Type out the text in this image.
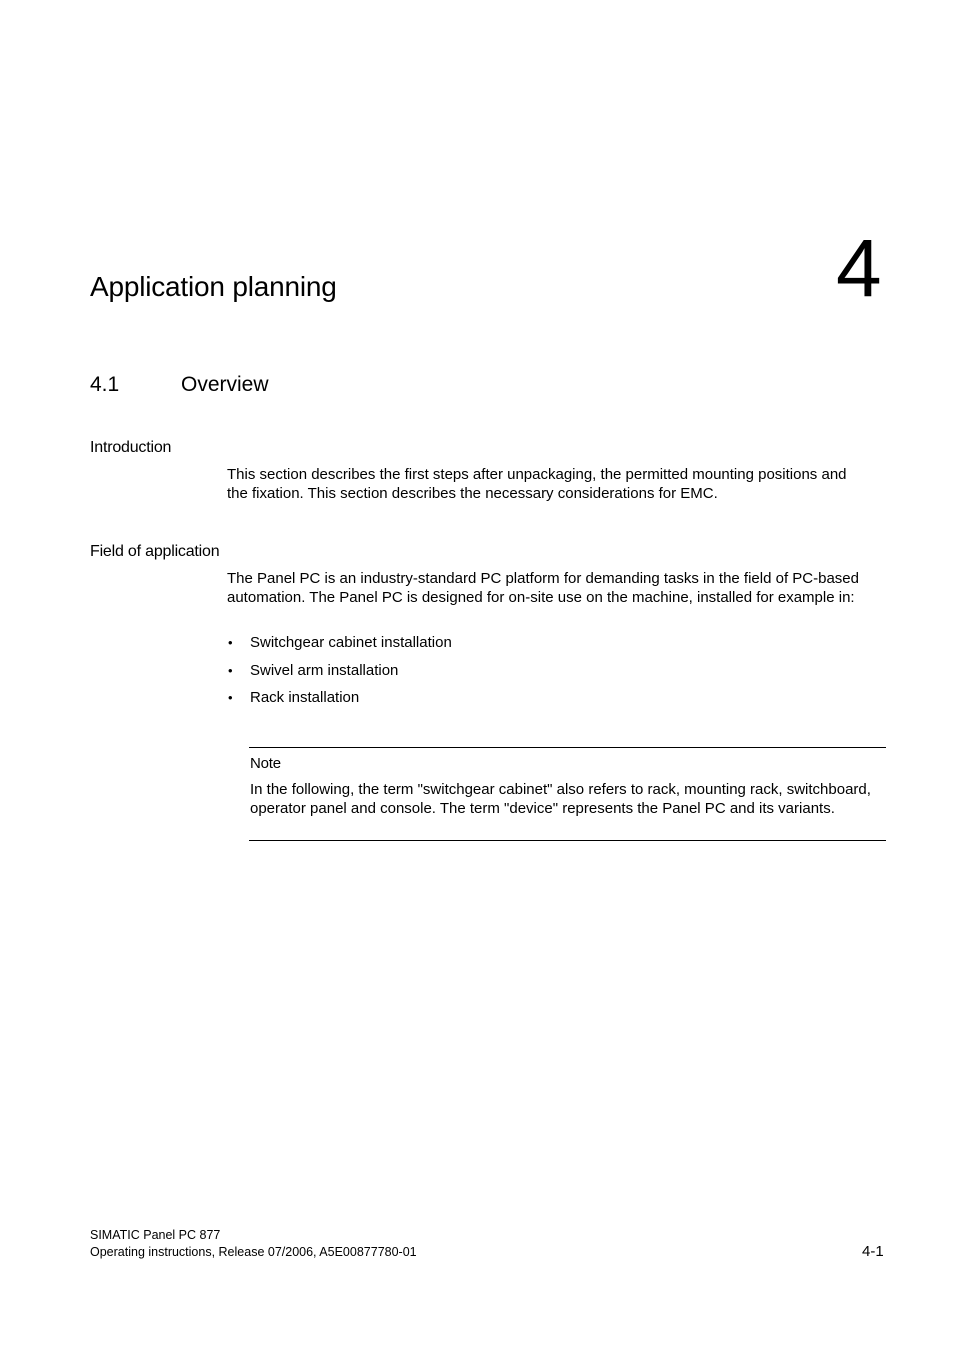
4
Application planning
4.1	Overview
Introduction
This section describes the first steps after unpackaging, the permitted mounting positions and the fixation. This section describes the necessary considerations for EMC.
Field of application
The Panel PC is an industry-standard PC platform for demanding tasks in the field of PC-based automation. The Panel PC is designed for on-site use on the machine, installed for example in:
• Switchgear cabinet installation
• Swivel arm installation
• Rack installation
Note
In the following, the term "switchgear cabinet" also refers to rack, mounting rack, switchboard, operator panel and console. The term "device" represents the Panel PC and its variants.
SIMATIC Panel PC 877
Operating instructions, Release 07/2006, A5E00877780-01	4-1
